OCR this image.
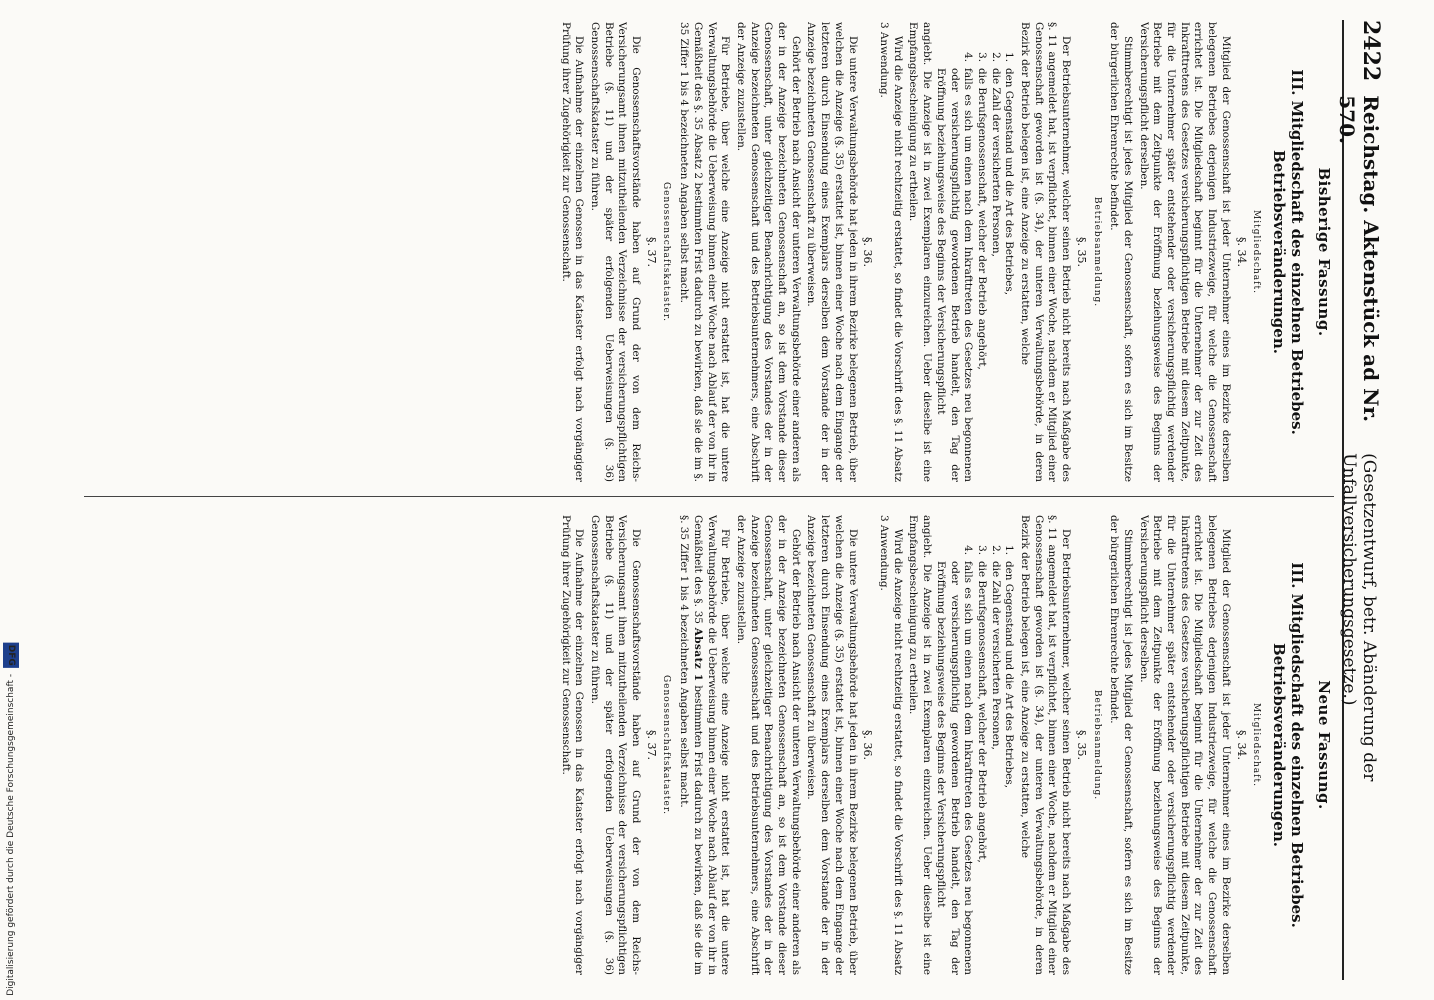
2422
Reichstag. Aktenstück ad Nr. 570.
(Gesetzentwurf, betr. Abänderung der Unfallversicherungsgesetze.)
Bisherige Fassung.
III. Mitgliedschaft des einzelnen Betriebes. Betriebsveränderungen.
Mitgliedschaft.
§. 34.

Mitglied der Genossenschaft ist jeder Unternehmer eines im Bezirke derselben belegenen Betriebes derjenigen Industriezweige, für welche die Genossenschaft errichtet ist. Die Mitgliedschaft beginnt für die Unternehmer der zur Zeit des Inkrafttretens des Gesetzes versicherungspflichtigen Betriebe mit diesem Zeitpunkte, für die Unternehmer später entstehender oder versicherungspflichtig werdender Betriebe mit dem Zeitpunkte der Eröffnung beziehungsweise des Beginns der Versicherungspflicht derselben.

Stimmberechtigt ist jedes Mitglied der Genossenschaft, sofern es sich im Besitze der bürgerlichen Ehrenrechte befindet.

Betriebsanmeldung.
§. 35.

Der Betriebsunternehmer, welcher seinen Betrieb nicht bereits nach Maßgabe des §. 11 angemeldet hat, ist verpflichtet, binnen einer Woche, nachdem er Mitglied einer Genossenschaft geworden ist (§. 34), der unteren Verwaltungsbehörde, in deren Bezirk der Betrieb belegen ist, eine Anzeige zu erstatten, welche

1.
den Gegenstand und die Art des Betriebes,
2.
die Zahl der versicherten Personen,
3.
die Berufsgenossenschaft, welcher der Betrieb angehört,
4.
falls es sich um einen nach dem Inkrafttreten des Gesetzes neu begonnenen oder versicherungspflichtig gewordenen Betrieb handelt, den Tag der Eröffnung beziehungsweise des Beginns der Versicherungspflicht

angiebt. Die Anzeige ist in zwei Exemplaren einzureichen. Ueber dieselbe ist eine Empfangsbescheinigung zu ertheilen.

Wird die Anzeige nicht rechtzeitig erstattet, so findet die Vorschrift des §. 11 Absatz 3 Anwendung.

§. 36.

Die untere Verwaltungsbehörde hat jeden in ihrem Bezirke belegenen Betrieb, über welchen die Anzeige (§. 35) erstattet ist, binnen einer Woche nach dem Eingange der letzteren durch Einsendung eines Exemplars derselben dem Vorstande der in der Anzeige bezeichneten Genossenschaft zu überweisen.

Gehört der Betrieb nach Ansicht der unteren Verwaltungsbehörde einer anderen als der in der Anzeige bezeichneten Genossenschaft an, so ist dem Vorstande dieser Genossenschaft, unter gleichzeitiger Benachrichtigung des Vorstandes der in der Anzeige bezeichneten Genossenschaft und des Betriebsunternehmers, eine Abschrift der Anzeige zuzustellen.

Für Betriebe, über welche eine Anzeige nicht erstattet ist, hat die untere Verwaltungsbehörde die Ueberweisung binnen einer Woche nach Ablauf der von ihr in Gemäßheit des §. 35 Absatz 2 bestimmten Frist dadurch zu bewirken, daß sie die im §. 35 Ziffer 1 bis 4 bezeichneten Angaben selbst macht.

Genossenschaftskataster.
§. 37.

Die Genossenschaftsvorstände haben auf Grund der von dem Reichs-Versicherungsamt ihnen mitzutheilenden Verzeichnisse der versicherungspflichtigen Betriebe (§. 11) und der später erfolgenden Ueberweisungen (§. 36) Genossenschaftskataster zu führen.

Die Aufnahme der einzelnen Genossen in das Kataster erfolgt nach vorgängiger Prüfung ihrer Zugehörigkeit zur Genossenschaft.

Neue Fassung.
III. Mitgliedschaft des einzelnen Betriebes. Betriebsveränderungen.
Mitgliedschaft.
§. 34.

Mitglied der Genossenschaft ist jeder Unternehmer eines im Bezirke derselben belegenen Betriebes derjenigen Industriezweige, für welche die Genossenschaft errichtet ist. Die Mitgliedschaft beginnt für die Unternehmer der zur Zeit des Inkrafttretens des Gesetzes versicherungspflichtigen Betriebe mit diesem Zeitpunkte, für die Unternehmer später entstehender oder versicherungspflichtig werdender Betriebe mit dem Zeitpunkte der Eröffnung beziehungsweise des Beginns der Versicherungspflicht derselben.

Stimmberechtigt ist jedes Mitglied der Genossenschaft, sofern es sich im Besitze der bürgerlichen Ehrenrechte befindet.

Betriebsanmeldung.
§. 35.

Der Betriebsunternehmer, welcher seinen Betrieb nicht bereits nach Maßgabe des §. 11 angemeldet hat, ist verpflichtet, binnen einer Woche, nachdem er Mitglied einer Genossenschaft geworden ist (§. 34), der unteren Verwaltungsbehörde, in deren Bezirk der Betrieb belegen ist, eine Anzeige zu erstatten, welche

1.
den Gegenstand und die Art des Betriebes,
2.
die Zahl der versicherten Personen,
3.
die Berufsgenossenschaft, welcher der Betrieb angehört,
4.
falls es sich um einen nach dem Inkrafttreten des Gesetzes neu begonnenen oder versicherungspflichtig gewordenen Betrieb handelt, den Tag der Eröffnung beziehungsweise des Beginns der Versicherungspflicht

angiebt. Die Anzeige ist in zwei Exemplaren einzureichen. Ueber dieselbe ist eine Empfangsbescheinigung zu ertheilen.

Wird die Anzeige nicht rechtzeitig erstattet, so findet die Vorschrift des §. 11 Absatz 3 Anwendung.

§. 36.

Die untere Verwaltungsbehörde hat jeden in ihrem Bezirke belegenen Betrieb, über welchen die Anzeige (§. 35) erstattet ist, binnen einer Woche nach dem Eingange der letzteren durch Einsendung eines Exemplars derselben dem Vorstande der in der Anzeige bezeichneten Genossenschaft zu überweisen.

Gehört der Betrieb nach Ansicht der unteren Verwaltungsbehörde einer anderen als der in der Anzeige bezeichneten Genossenschaft an, so ist dem Vorstande dieser Genossenschaft, unter gleichzeitiger Benachrichtigung des Vorstandes der in der Anzeige bezeichneten Genossenschaft und des Betriebsunternehmers, eine Abschrift der Anzeige zuzustellen.

Für Betriebe, über welche eine Anzeige nicht erstattet ist, hat die untere Verwaltungsbehörde die Ueberweisung binnen einer Woche nach Ablauf der von ihr in Gemäßheit des §. 35 Absatz 1 bestimmten Frist dadurch zu bewirken, daß sie die im §. 35 Ziffer 1 bis 4 bezeichneten Angaben selbst macht.

Genossenschaftskataster.
§. 37.

Die Genossenschaftsvorstände haben auf Grund der von dem Reichs-Versicherungsamt ihnen mitzutheilenden Verzeichnisse der versicherungspflichtigen Betriebe (§. 11) und der später erfolgenden Ueberweisungen (§. 36) Genossenschaftskataster zu führen.

Die Aufnahme der einzelnen Genossen in das Kataster erfolgt nach vorgängiger Prüfung ihrer Zugehörigkeit zur Genossenschaft.

Digitalisierung gefördert durch die Deutsche Forschungsgemeinschaft - DFG
